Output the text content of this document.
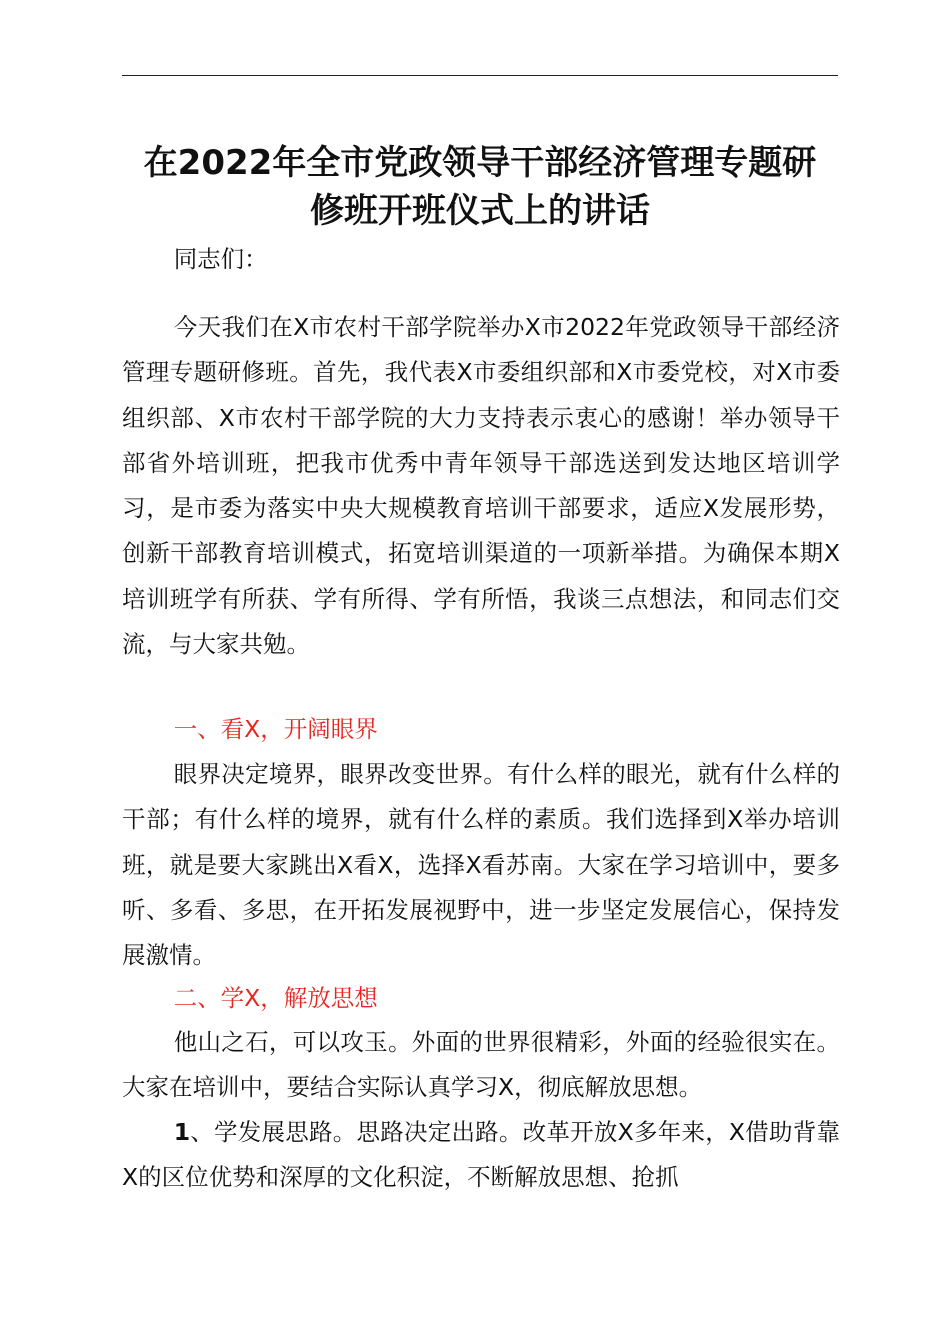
在2022年全市党政领导干部经济管理专题研
修班开班仪式上的讲话

同志们：

今天我们在X市农村干部学院举办X市2022年党政领导干部经济管理专题研修班。首先，我代表X市委组织部和X市委党校，对X市委组织部、X市农村干部学院的大力支持表示衷心的感谢！举办领导干部省外培训班，把我市优秀中青年领导干部选送到发达地区培训学习，是市委为落实中央大规模教育培训干部要求，适应X发展形势，创新干部教育培训模式，拓宽培训渠道的一项新举措。为确保本期X培训班学有所获、学有所得、学有所悟，我谈三点想法，和同志们交流，与大家共勉。

一、看X，开阔眼界

眼界决定境界，眼界改变世界。有什么样的眼光，就有什么样的干部；有什么样的境界，就有什么样的素质。我们选择到X举办培训班，就是要大家跳出X看X，选择X看苏南。大家在学习培训中，要多听、多看、多思，在开拓发展视野中，进一步坚定发展信心，保持发展激情。

二、学X，解放思想

他山之石，可以攻玉。外面的世界很精彩，外面的经验很实在。大家在培训中，要结合实际认真学习X，彻底解放思想。

1、学发展思路。思路决定出路。改革开放X多年来，X借助背靠X的区位优势和深厚的文化积淀，不断解放思想、抢抓
